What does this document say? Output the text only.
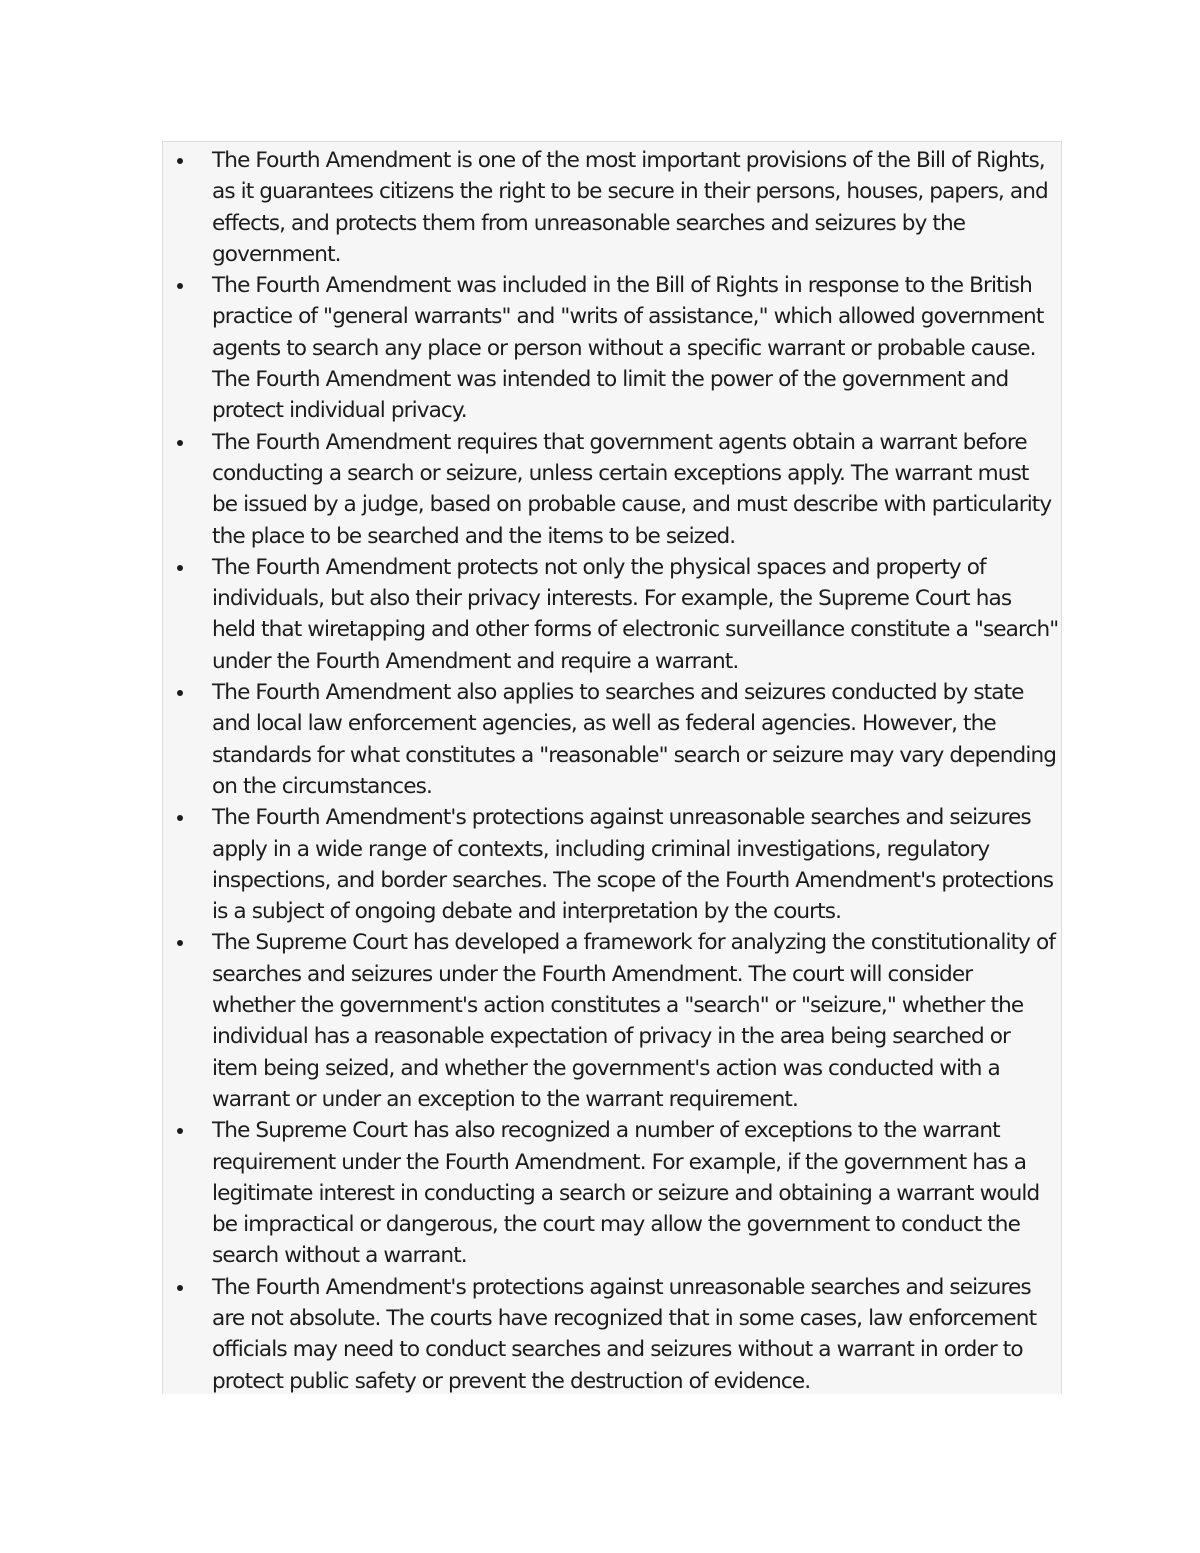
The Fourth Amendment is one of the most important provisions of the Bill of Rights, as it guarantees citizens the right to be secure in their persons, houses, papers, and effects, and protects them from unreasonable searches and seizures by the government.
The Fourth Amendment was included in the Bill of Rights in response to the British practice of "general warrants" and "writs of assistance," which allowed government agents to search any place or person without a specific warrant or probable cause. The Fourth Amendment was intended to limit the power of the government and protect individual privacy.
The Fourth Amendment requires that government agents obtain a warrant before conducting a search or seizure, unless certain exceptions apply. The warrant must be issued by a judge, based on probable cause, and must describe with particularity the place to be searched and the items to be seized.
The Fourth Amendment protects not only the physical spaces and property of individuals, but also their privacy interests. For example, the Supreme Court has held that wiretapping and other forms of electronic surveillance constitute a "search" under the Fourth Amendment and require a warrant.
The Fourth Amendment also applies to searches and seizures conducted by state and local law enforcement agencies, as well as federal agencies. However, the standards for what constitutes a "reasonable" search or seizure may vary depending on the circumstances.
The Fourth Amendment's protections against unreasonable searches and seizures apply in a wide range of contexts, including criminal investigations, regulatory inspections, and border searches. The scope of the Fourth Amendment's protections is a subject of ongoing debate and interpretation by the courts.
The Supreme Court has developed a framework for analyzing the constitutionality of searches and seizures under the Fourth Amendment. The court will consider whether the government's action constitutes a "search" or "seizure," whether the individual has a reasonable expectation of privacy in the area being searched or item being seized, and whether the government's action was conducted with a warrant or under an exception to the warrant requirement.
The Supreme Court has also recognized a number of exceptions to the warrant requirement under the Fourth Amendment. For example, if the government has a legitimate interest in conducting a search or seizure and obtaining a warrant would be impractical or dangerous, the court may allow the government to conduct the search without a warrant.
The Fourth Amendment's protections against unreasonable searches and seizures are not absolute. The courts have recognized that in some cases, law enforcement officials may need to conduct searches and seizures without a warrant in order to protect public safety or prevent the destruction of evidence.
